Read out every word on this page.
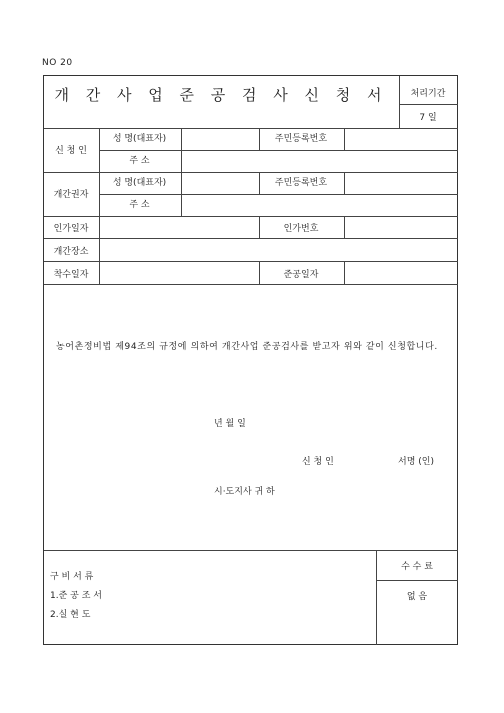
NO 20
개 간 사 업 준 공 검 사 신 청 서	처리기간
7 일
신 청 인
성 명(대표자)	주민등록번호
주 소
개간권자
성 명(대표자)	주민등록번호
주 소
인가일자	인가번호
개간장소
착수일자	준공일자
농어촌정비법 제94조의 규정에 의하여 개간사업 준공검사를 받고자 위와 같이 신청합니다.
년 월 일
신 청 인	서명 (인)
시·도지사 귀 하
구 비 서 류
1.준 공 조 서
2.실 현 도
수 수 료
없 음
